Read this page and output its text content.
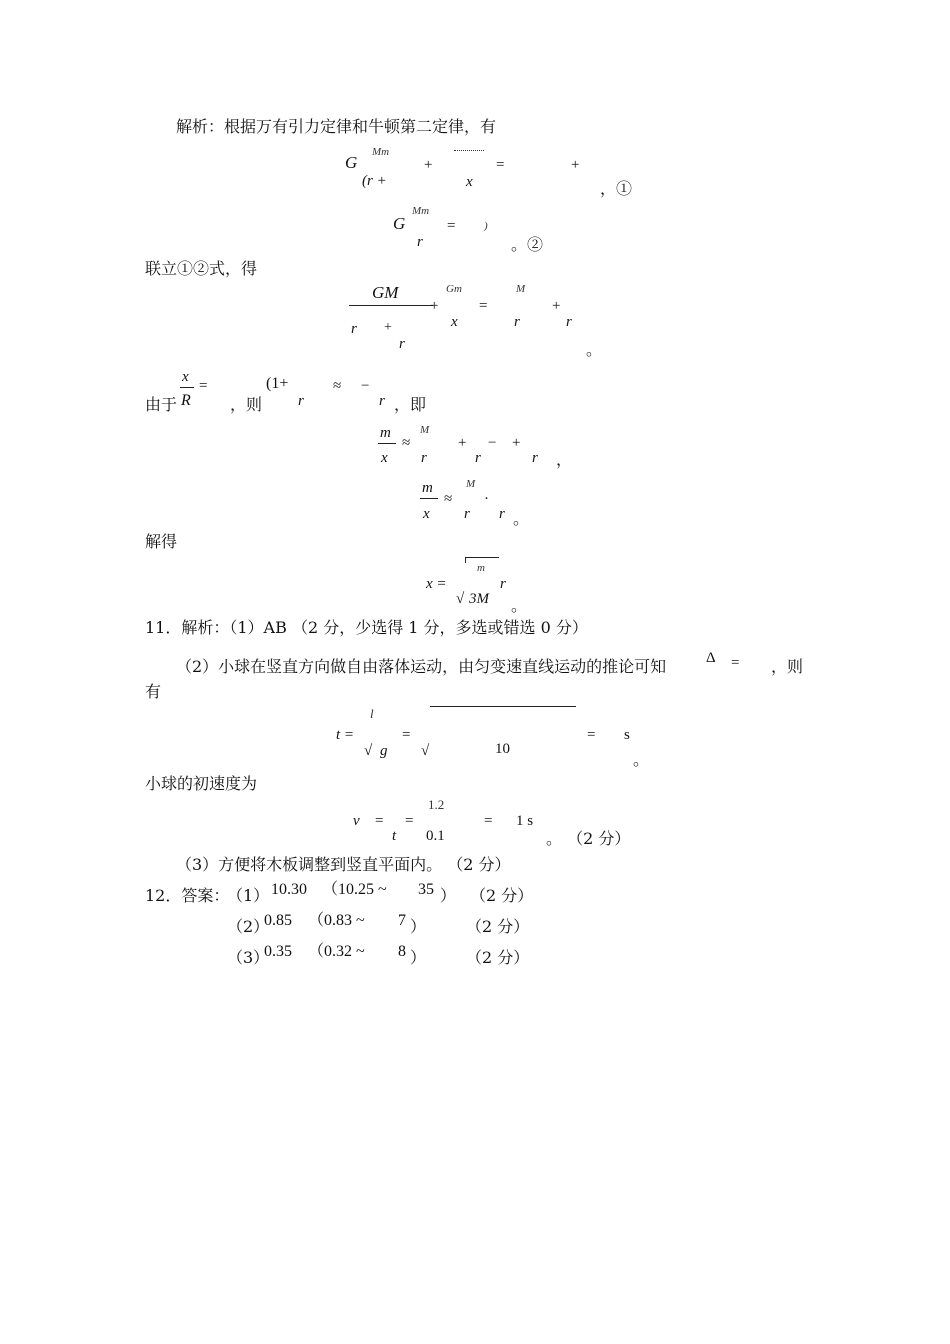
解析：根据万有引力定律和牛顿第二定律，有
G
Mm
(r +
+
x
=	+
，①
G
Mm
r
=	)
。②
联立①②式，得
GM
r +
r
+
Gm
x
=
M
r
+
r
。
由于
x
R
=
，则
(1+
r
≈ −
r ，即
m
x
≈
M
r
+
r
− +
r ，
m
x
≈
M
r
·
r 。
解得
x =
m
r
√ 3M 。
11．解析：（1）AB （2 分，少选得 1 分，多选或错选 0 分）
（2）小球在竖直方向做自由落体运动，由匀变速直线运动的推论可知	Δ = ，则
有
t =
l
√ g
=
√	10
= s
。
小球的初速度为
v =
t
=
1.2
0.1
= 1 s
。 （2 分）
（3）方便将木板调整到竖直平面内。 （2 分）
12．答案：
（1） 10.30 （10.25 ~ 35 ） （2 分）
（2）
0.85 （0.83 ~ 7 ） （2 分）
（3）
0.35 （0.32 ~ 8 ） （2 分）
